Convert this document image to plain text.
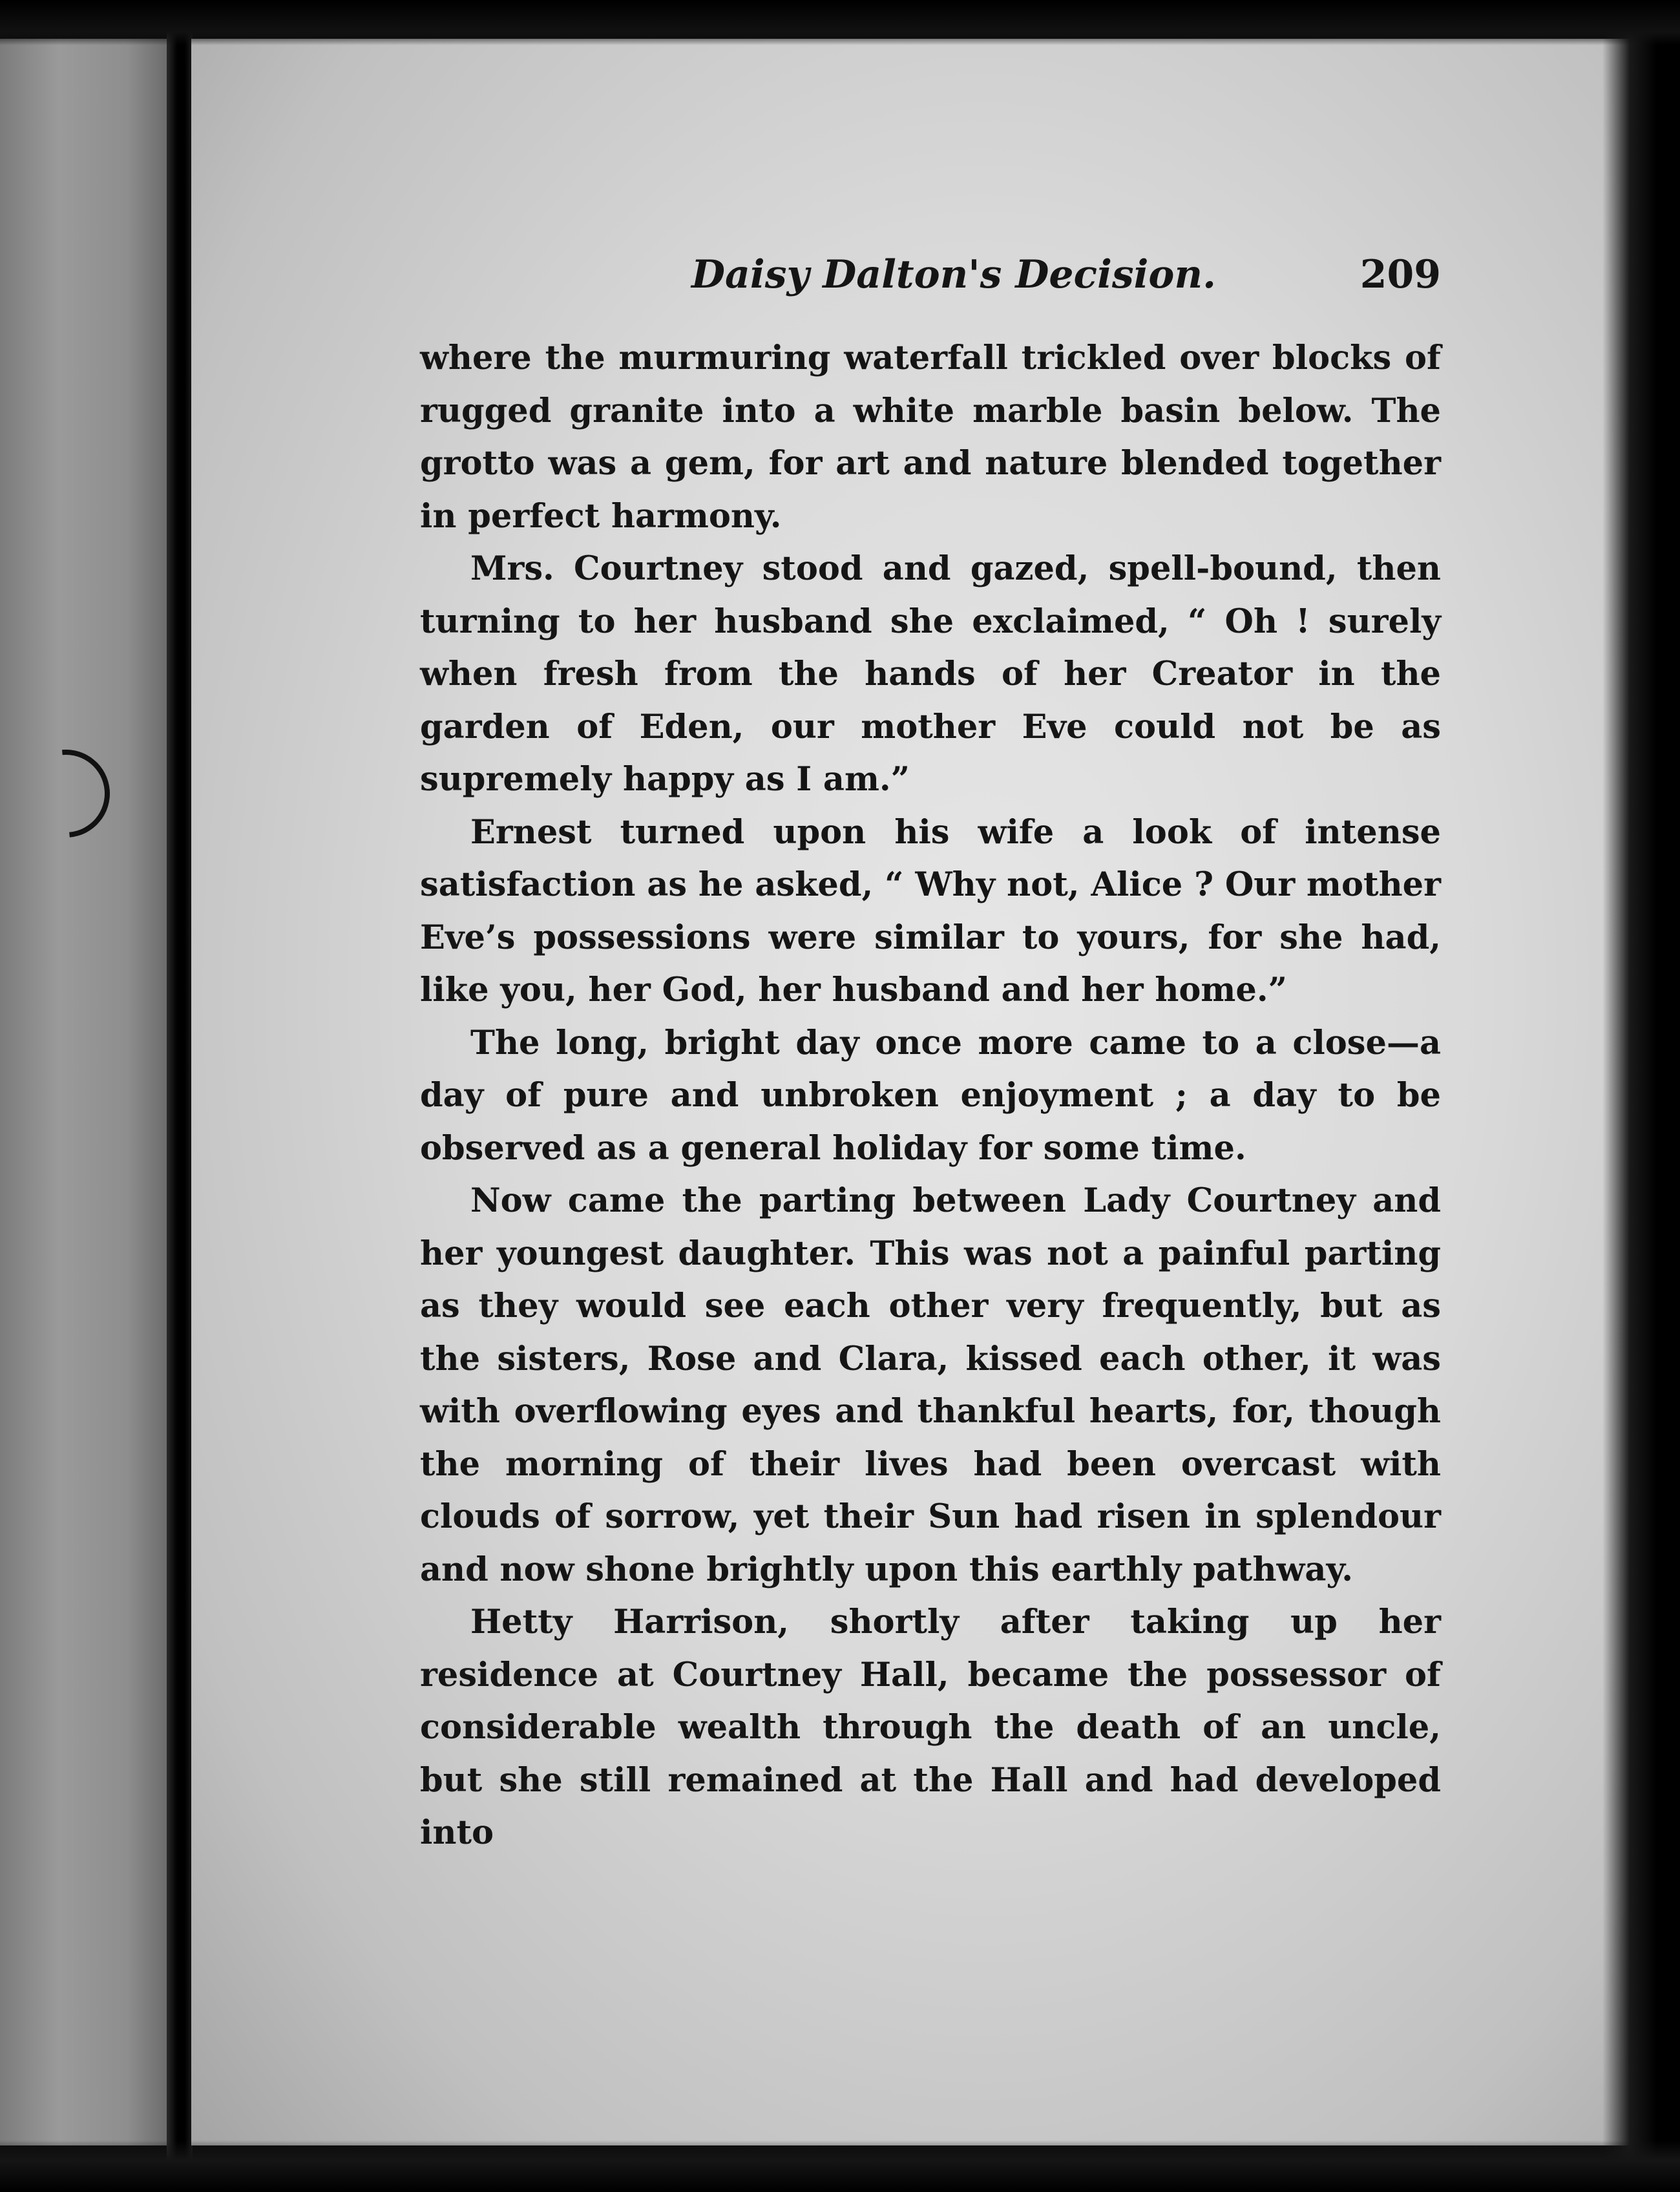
Daisy Dalton's Decision.	209

where the murmuring waterfall trickled over blocks of rugged granite into a white marble basin below. The grotto was a gem, for art and nature blended together in perfect harmony.

Mrs. Courtney stood and gazed, spell-bound, then turning to her husband she exclaimed, “ Oh ! surely when fresh from the hands of her Creator in the garden of Eden, our mother Eve could not be as supremely happy as I am.”

Ernest turned upon his wife a look of intense satisfaction as he asked, “ Why not, Alice ? Our mother Eve’s possessions were similar to yours, for she had, like you, her God, her husband and her home.”

The long, bright day once more came to a close—a day of pure and unbroken enjoyment ; a day to be observed as a general holiday for some time.

Now came the parting between Lady Courtney and her youngest daughter. This was not a painful parting as they would see each other very frequently, but as the sisters, Rose and Clara, kissed each other, it was with overflowing eyes and thankful hearts, for, though the morning of their lives had been overcast with clouds of sorrow, yet their Sun had risen in splendour and now shone brightly upon this earthly pathway.

Hetty Harrison, shortly after taking up her residence at Courtney Hall, became the possessor of considerable wealth through the death of an uncle, but she still remained at the Hall and had developed into
